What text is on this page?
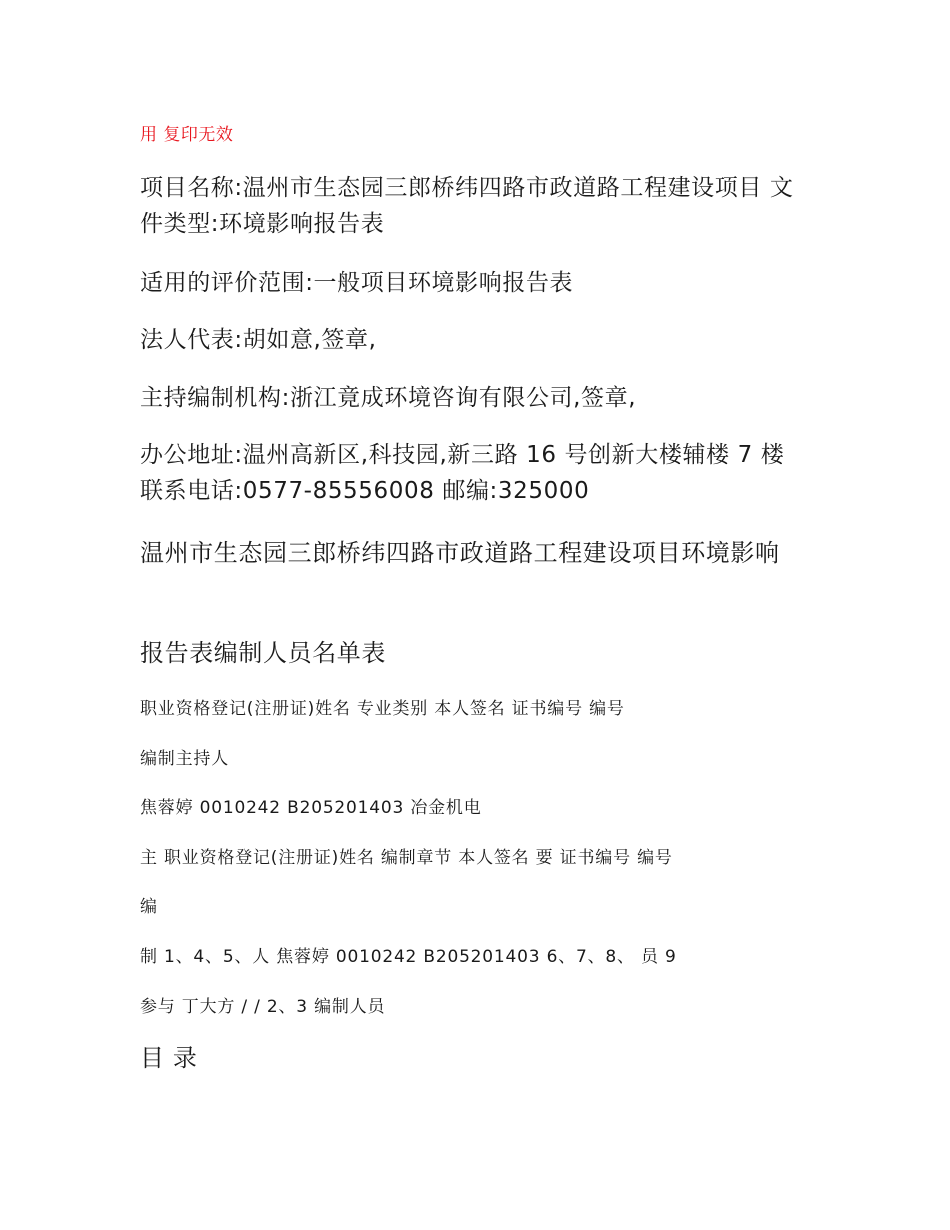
用 复印无效
项目名称:温州市生态园三郎桥纬四路市政道路工程建设项目 文件类型:环境影响报告表
适用的评价范围:一般项目环境影响报告表
法人代表:胡如意,签章,
主持编制机构:浙江竟成环境咨询有限公司,签章,
办公地址:温州高新区,科技园,新三路 16 号创新大楼辅楼 7 楼 联系电话:0577-85556008 邮编:325000
温州市生态园三郎桥纬四路市政道路工程建设项目环境影响
报告表编制人员名单表
职业资格登记(注册证)姓名 专业类别 本人签名 证书编号 编号
编制主持人
焦蓉婷 0010242 B205201403 冶金机电
主 职业资格登记(注册证)姓名 编制章节 本人签名 要 证书编号 编号
编
制 1、4、5、人 焦蓉婷 0010242 B205201403 6、7、8、 员 9
参与 丁大方 / / 2、3 编制人员
目 录
